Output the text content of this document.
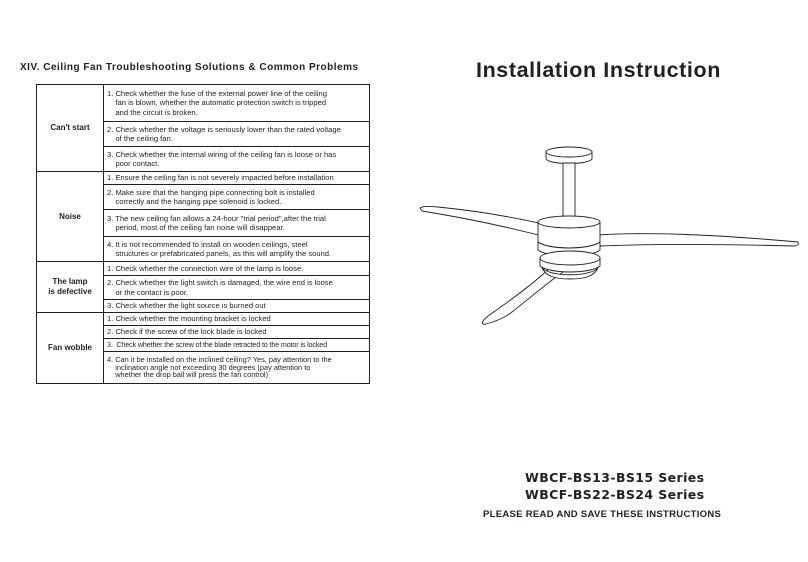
XIV. Ceiling Fan Troubleshooting Solutions & Common Problems
Can't start	1. Check whether the fuse of the external power line of the ceiling
fan is blown, whether the automatic protection switch is tripped
and the circuit is broken.

	2. Check whether the voltage is seriously lower than the rated voltage
of the ceiling fan.

	3. Check whether the internal wiring of the ceiling fan is loose or has
poor contact.

Noise	1. Ensure the ceiling fan is not severely impacted before installation

	2. Make sure that the hanging pipe connecting bolt is installed
correctly and the hanging pipe solenoid is locked.

	3. The new ceiling fan allows a 24-hour "trial period",after the trial
period, most of the ceiling fan noise will disappear.

	4. It is not recommended to install on wooden ceilings, steel
structures or prefabricated panels, as this will amplify the sound.

The lamp
is defective	1. Check whether the connection wire of the lamp is loose.

	2. Check whether the light switch is damaged, the wire end is loose
or the contact is poor.

	3. Check whether the light source is burned out

Fan wobble	1. Check whether the mounting bracket is locked

	2. Check if the screw of the lock blade is locked

	3.  Check whether the screw of the blade retracted to the motor is locked

	4. Can it be installed on the inclined ceiling? Yes, pay attention to the
inclination angle not exceeding 30 degrees (pay attention to
whether the drop ball will press the fan control)
Installation Instruction

WBCF-BS13-BS15 Series

WBCF-BS22-BS24 Series

PLEASE READ AND SAVE THESE INSTRUCTIONS
